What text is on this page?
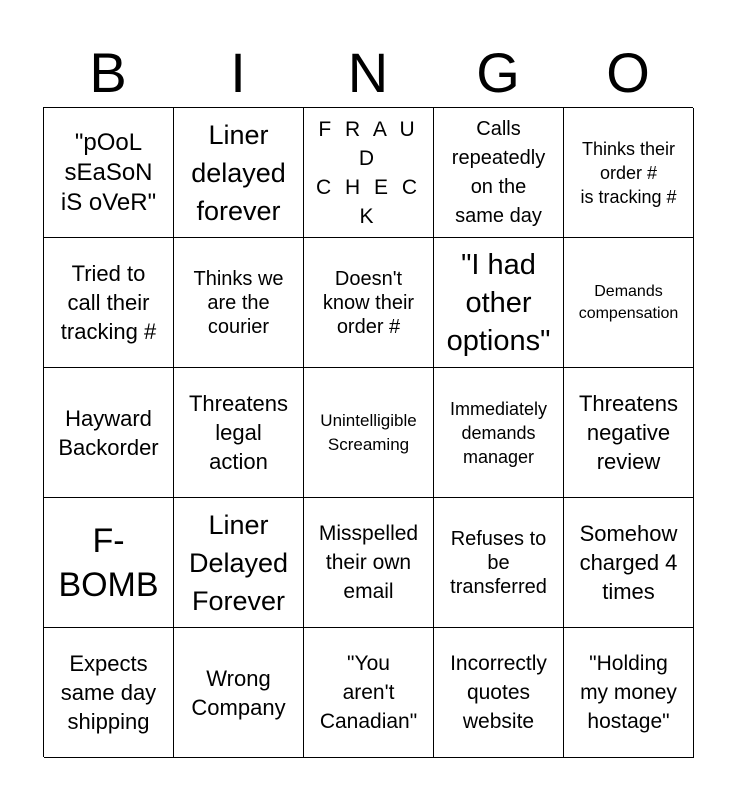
B	I	N	G	O
"pOoL
sEaSoN
iS oVeR"
Liner
delayed
forever
F R A U D
C H E C
K
Calls
repeatedly
on the
same day
Thinks their
order #
is tracking #
Tried to
call their
tracking #
Thinks we
are the
courier
Doesn't
know their
order #
"I had
other
options"
Demands
compensation
Hayward
Backorder
Threatens
legal
action
Unintelligible
Screaming
Immediately
demands
manager
Threatens
negative
review
F-
BOMB
Liner
Delayed
Forever
Misspelled
their own
email
Refuses to
be
transferred
Somehow
charged 4
times
Expects
same day
shipping
Wrong
Company
"You
aren't
Canadian"
Incorrectly
quotes
website
"Holding
my money
hostage"
